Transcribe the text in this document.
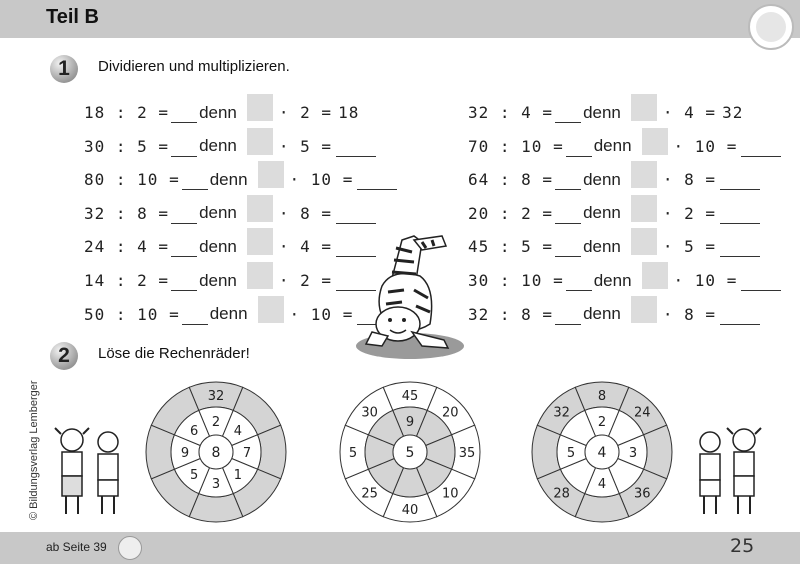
Teil B
1	Dividieren und multiplizieren.
18 : 2 = denn	· 2 = 18
30 : 5 = denn	· 5 =
80 : 10 = denn	· 10 =
32 : 8 = denn	· 8 =
24 : 4 = denn	· 4 =
14 : 2 = denn	· 2 =
50 : 10 = denn	· 10 =
32 : 4 = denn	· 4 = 32
70 : 10 = denn	· 10 =
64 : 8 = denn	· 8 =
20 : 2 = denn	· 2 =
45 : 5 = denn	· 5 =
30 : 10 = denn	· 10 =
32 : 8 = denn	· 8 =
2	Löse die Rechenräder!
32
2
4
7
1
3
5
9
6
8
45
9
20
35
10
40
25
5
30
5
8
2
24
3
36
4
28
5
32
4
© Bildungsverlag Lemberger
ab Seite 39	25
